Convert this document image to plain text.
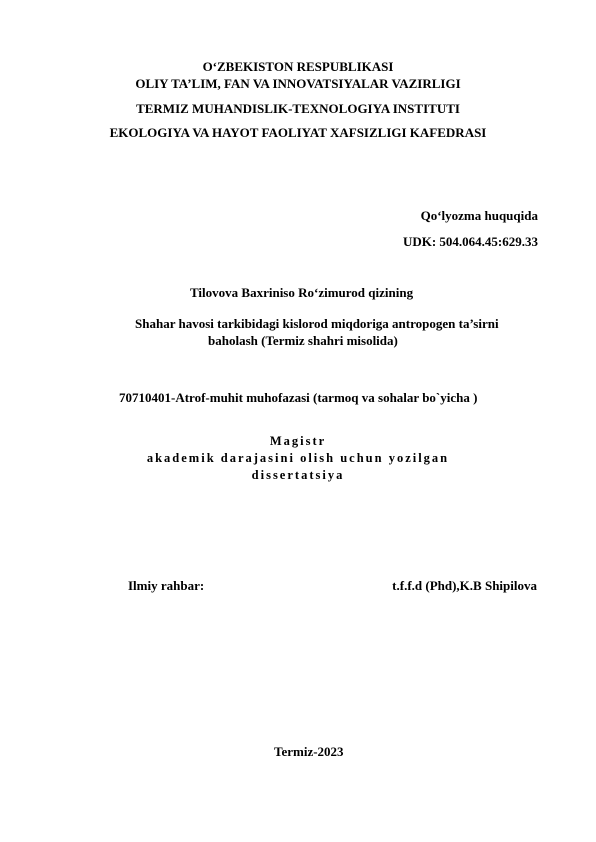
O‘ZBEKISTON RESPUBLIKASI
OLIY TA’LIM, FAN VA INNOVATSIYALAR VAZIRLIGI
TERMIZ MUHANDISLIK-TEXNOLOGIYA INSTITUTI
EKOLOGIYA VA HAYOT FAOLIYAT XAFSIZLIGI KAFEDRASI
Qo‘lyozma huquqida
UDK: 504.064.45:629.33
Tilovova Baxriniso Ro‘zimurod qizining
Shahar havosi tarkibidagi kislorod miqdoriga antropogen ta’sirni
baholash (Termiz shahri misolida)
70710401-Atrof-muhit muhofazasi (tarmoq va sohalar bo`yicha )
Magistr
akademik darajasini olish uchun yozilgan
dissertatsiya
Ilmiy rahbar:	t.f.f.d (Phd),K.B Shipilova
Termiz-2023
